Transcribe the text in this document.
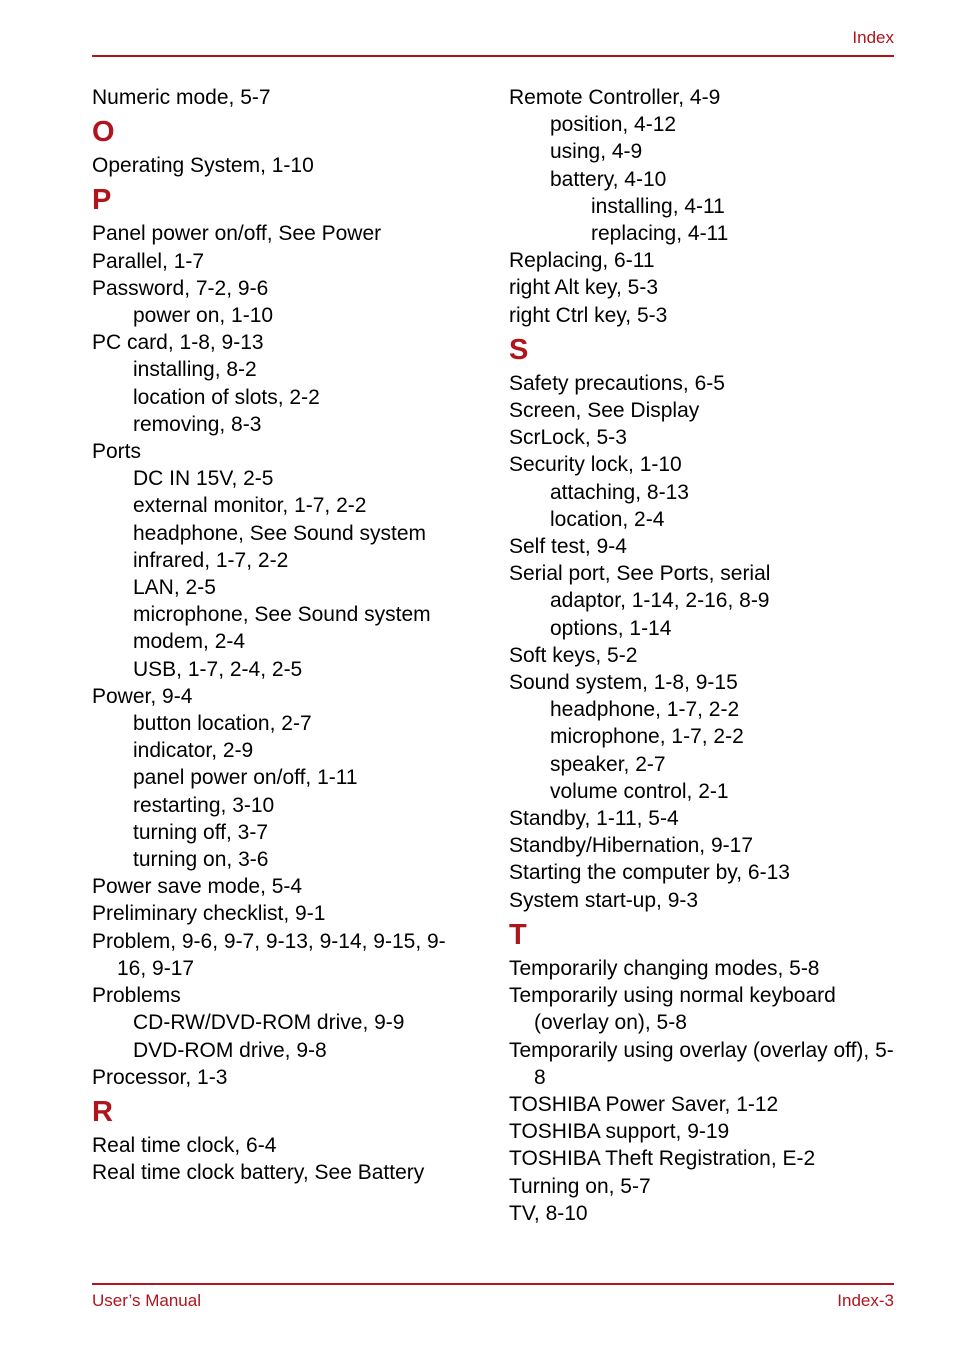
Index
Numeric mode, 5-7
O
Operating System, 1-10
P
Panel power on/off, See Power
Parallel, 1-7
Password, 7-2, 9-6
power on, 1-10
PC card, 1-8, 9-13
installing, 8-2
location of slots, 2-2
removing, 8-3
Ports
DC IN 15V, 2-5
external monitor, 1-7, 2-2
headphone, See Sound system
infrared, 1-7, 2-2
LAN, 2-5
microphone, See Sound system
modem, 2-4
USB, 1-7, 2-4, 2-5
Power, 9-4
button location, 2-7
indicator, 2-9
panel power on/off, 1-11
restarting, 3-10
turning off, 3-7
turning on, 3-6
Power save mode, 5-4
Preliminary checklist, 9-1
Problem, 9-6, 9-7, 9-13, 9-14, 9-15, 9-16, 9-17
Problems
CD-RW/DVD-ROM drive, 9-9
DVD-ROM drive, 9-8
Processor, 1-3
R
Real time clock, 6-4
Real time clock battery, See Battery
Remote Controller, 4-9
position, 4-12
using, 4-9
battery, 4-10
installing, 4-11
replacing, 4-11
Replacing, 6-11
right Alt key, 5-3
right Ctrl key, 5-3
S
Safety precautions, 6-5
Screen, See Display
ScrLock, 5-3
Security lock, 1-10
attaching, 8-13
location, 2-4
Self test, 9-4
Serial port, See Ports, serial
adaptor, 1-14, 2-16, 8-9
options, 1-14
Soft keys, 5-2
Sound system, 1-8, 9-15
headphone, 1-7, 2-2
microphone, 1-7, 2-2
speaker, 2-7
volume control, 2-1
Standby, 1-11, 5-4
Standby/Hibernation, 9-17
Starting the computer by, 6-13
System start-up, 9-3
T
Temporarily changing modes, 5-8
Temporarily using normal keyboard (overlay on), 5-8
Temporarily using overlay (overlay off), 5-8
TOSHIBA Power Saver, 1-12
TOSHIBA support, 9-19
TOSHIBA Theft Registration, E-2
Turning on, 5-7
TV, 8-10
User’s Manual	Index-3
